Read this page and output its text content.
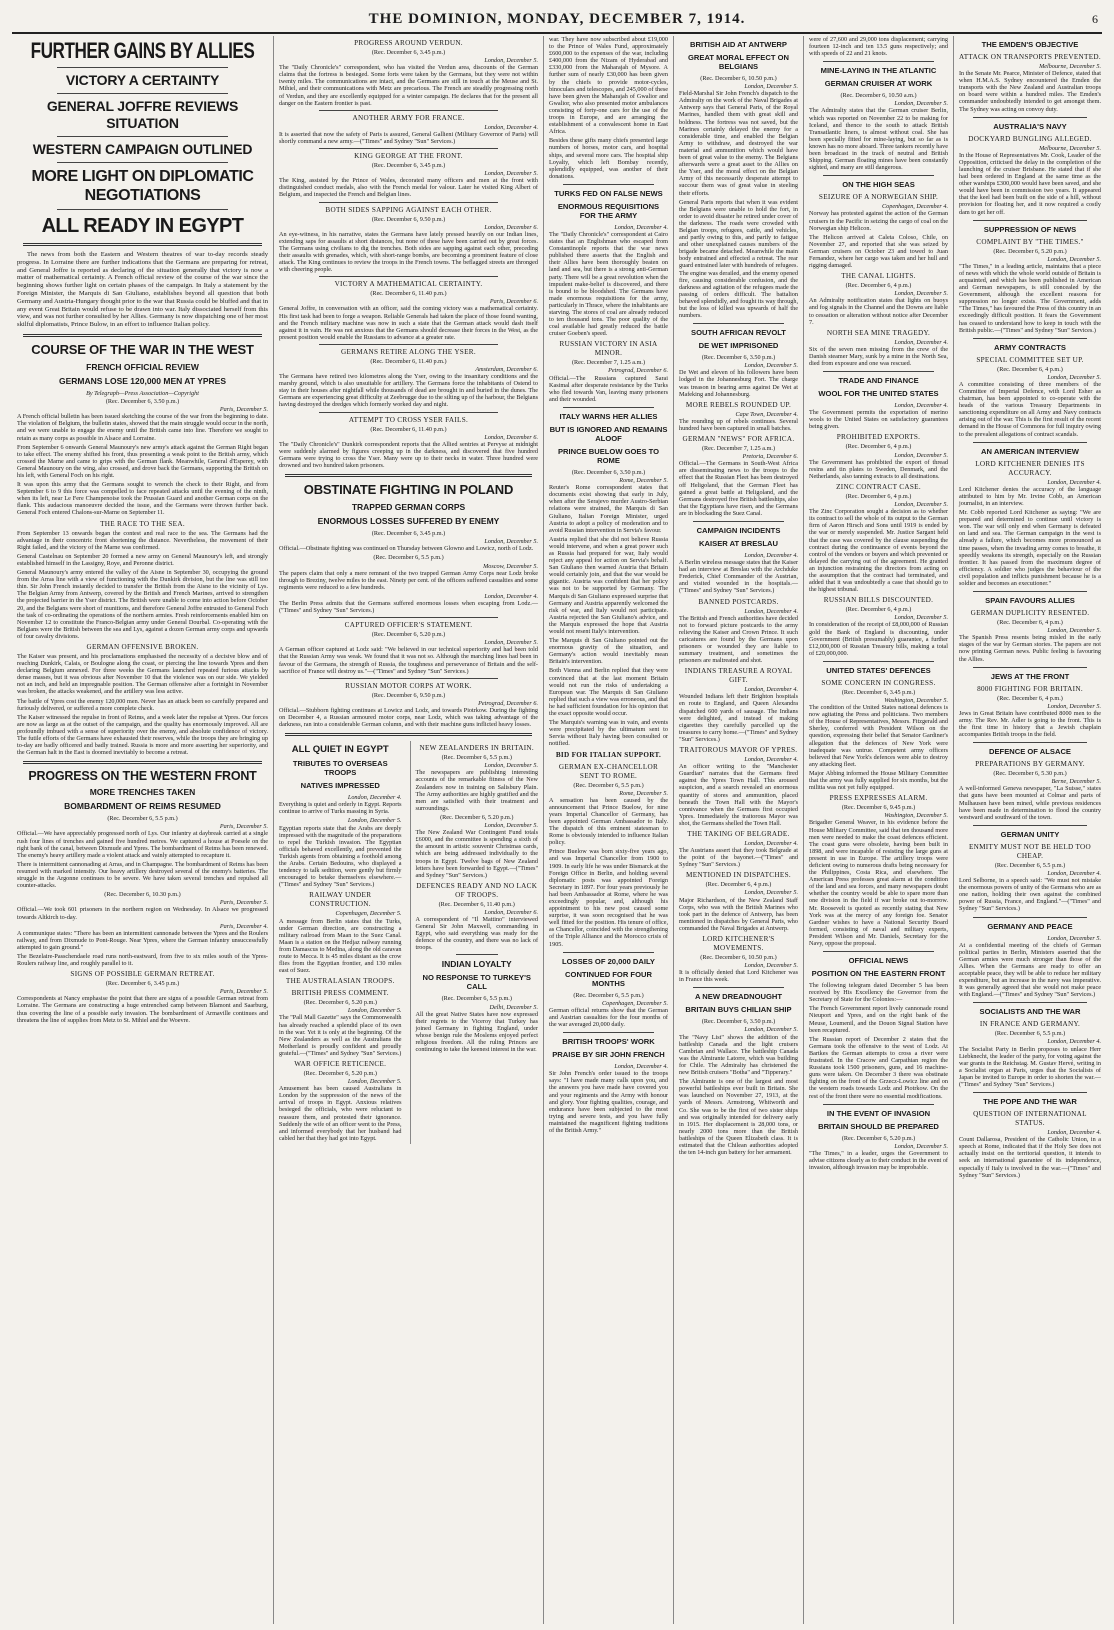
THE DOMINION, MONDAY, DECEMBER 7, 1914.	6
FURTHER GAINS BY ALLIES
VICTORY A CERTAINTY
GENERAL JOFFRE REVIEWS SITUATION
WESTERN CAMPAIGN OUTLINED
MORE LIGHT ON DIPLOMATIC NEGOTIATIONS
ALL READY IN EGYPT

The news from both the Eastern and Western theatres of war to-day records steady progress. In Lorraine there are further indications that the Germans are preparing for retreat, and General Joffre is reported as declaring of the situation generally that victory is now a matter of mathematical certainty. A French official review of the course of the war since the beginning shows further light on certain phases of the campaign. In Italy a statement by the Foreign Minister, the Marquis di San Giuliano, establishes beyond all question that both Germany and Austria-Hungary thought prior to the war that Russia could be bluffed and that in any event Great Britain would refuse to be drawn into war. Italy dissociated herself from this view, and was not further consulted by her Allies. Germany is now dispatching one of her most skilful diplomatists, Prince Bulow, in an effort to influence Italian policy.

COURSE OF THE WAR IN THE WEST
FRENCH OFFICIAL REVIEW
GERMANS LOSE 120,000 MEN AT YPRES

By Telegraph—Press Association—Copyright

(Rec. December 6, 3.50 p.m.)

Paris, December 5.

A French official bulletin has been issued sketching the course of the war from the beginning to date. The violation of Belgium, the bulletin states, showed that the main struggle would occur in the north, and we were unable to engage the enemy until the British came into line. Therefore we sought to retain as many corps as possible in Alsace and Lorraine.

From September 6 onwards General Maunoury's new army's attack against the German Right began to take effect. The enemy shifted his front, thus presenting a weak point to the British army, which crossed the Marne and came to grips with the German flank. Meanwhile, General d'Esperey, with General Maunoury on the wing, also crossed, and drove back the Germans, supporting the British on his left, with General Foch on his right.

It was upon this army that the Germans sought to wrench the check to their Right, and from September 6 to 9 this force was compelled to face repeated attacks until the evening of the ninth, when its left, near Le Fere Champenoise took the Prussian Guard and another German corps on the flank. This audacious manoeuvre decided the issue, and the Germans were thrown further back. General Foch entered Chalons-sur-Marne on September 11.

THE RACE TO THE SEA.

From September 13 onwards began the contest and real race to the sea. The Germans had the advantage in their concentric front shortening the distance. Nevertheless, the movement of their Right failed, and the victory of the Marne was confirmed.

General Castelnau on September 20 formed a new army on General Maunoury's left, and strongly established himself in the Lassigny, Roye, and Peronne district.

General Maunoury's army entered the valley of the Aisne in September 30, occupying the ground from the Arras line with a view of functioning with the Dunkirk division, but the line was still too thin. Sir John French instantly decided to transfer the British from the Aisne to the vicinity of Lys. The Belgian Army from Antwerp, covered by the British and French Marines, arrived to strengthen the projected barrier in the Yser district. The British were unable to come into action before October 20, and the Belgians were short of munitions, and therefore General Joffre entrusted to General Foch the task of co-ordinating the operations of the northern armies. Fresh reinforcements enabled him on November 12 to constitute the Franco-Belgian army under General Dourbal. Co-operating with the Belgians were the British between the sea and Lys, against a dozen German army corps and upwards of four cavalry divisions.

GERMAN OFFENSIVE BROKEN.

The Kaiser was present, and his proclamations emphasised the necessity of a decisive blow and of reaching Dunkirk, Calais, or Boulogne along the coast, or piercing the line towards Ypres and then declaring Belgium annexed. For three weeks the Germans launched repeated furious attacks by dense masses, but it was obvious after November 10 that the violence was on our side. We yielded not an inch, and held an impregnable position. The German offensive after a fortnight in November was broken, the attacks weakened, and the artillery was less active.

The battle of Ypres cost the enemy 120,000 men. Never has an attack been so carefully prepared and furiously delivered, or suffered a more complete check.

The Kaiser witnessed the repulse in front of Reims, and a week later the repulse at Ypres. Our forces are now as large as at the outset of the campaign, and the quality has enormously improved. All are profoundly imbued with a sense of superiority over the enemy, and absolute confidence of victory. The futile efforts of the Germans have exhausted their reserves, while the troops they are bringing up to-day are badly officered and badly trained. Russia is more and more asserting her superiority, and the German halt in the East is doomed inevitably to become a retreat.

PROGRESS ON THE WESTERN FRONT
MORE TRENCHES TAKEN
BOMBARDMENT OF REIMS RESUMED

(Rec. December 6, 5.5 p.m.)

Paris, December 5.

Official.—We have appreciably progressed north of Lys. Our infantry at daybreak carried at a single rush four lines of trenches and gained five hundred metres. We captured a house at Poesele on the right bank of the canal, between Dixmude and Ypres. The bombardment of Reims has been renewed. The enemy's heavy artillery made a violent attack and vainly attempted to recapture it.

There is intermittent cannonading at Arras, and in Champagne. The bombardment of Reims has been resumed with marked intensity. Our heavy artillery destroyed several of the enemy's batteries. The struggle in the Argonne continues to be severe. We have taken several trenches and repulsed all counter-attacks.

(Rec. December 6, 10.30 p.m.)

Paris, December 5.

Official.—We took 601 prisoners in the northern region on Wednesday. In Alsace we progressed towards Altkirch to-day.

Paris, December 4.

A communique states: "There has been an intermittent cannonade between the Ypres and the Roulers railway, and from Dixmude to Pont-Rouge. Near Ypres, where the German infantry unsuccessfully attempted to gain ground."

The Bezelaire-Passchendaele road runs north-eastward, from five to six miles south of the Ypres-Roulers railway line, and roughly parallel to it.

SIGNS OF POSSIBLE GERMAN RETREAT.

(Rec. December 6, 3.45 p.m.)

Paris, December 5.

Correspondents at Nancy emphasise the point that there are signs of a possible German retreat from Lorraine. The Germans are constructing a huge entrenched camp between Blamont and Saarburg, thus covering the line of a possible early invasion. The bombardment of Armaville continues and threatens the line of supplies from Metz to St. Mihiel and the Woevre.

PROGRESS AROUND VERDUN.

(Rec. December 6, 3.45 p.m.)

London, December 5.

The "Daily Chronicle's" correspondent, who has visited the Verdun area, discounts of the German claims that the fortress is besieged. Some forts were taken by the Germans, but they were not within twenty miles. The communications are intact, and the Germans are still in touch at the Meuse and St. Mihiel, and their communications with Metz are precarious. The French are steadily progressing north of Verdun, and they are excellently equipped for a winter campaign. He declares that for the present all danger on the Eastern frontier is past.

ANOTHER ARMY FOR FRANCE.

London, December 4.

It is asserted that now the safety of Paris is assured, General Gallieni (Military Governor of Paris) will shortly command a new army.—("Times" and Sydney "Sun" Services.)

KING GEORGE AT THE FRONT.

(Rec. December 6, 3.45 p.m.)

London, December 5.

The King, assisted by the Prince of Wales, decorated many officers and men at the front with distinguished conduct medals, also with the French medal for valour. Later he visited King Albert of Belgium, and inspected the French and Belgian lines.

BOTH SIDES SAPPING AGAINST EACH OTHER.

(Rec. December 6, 9.50 p.m.)

London, December 6.

An eye-witness, in his narrative, states the Germans have lately pressed heavily on our Indian lines, extending saps for assaults at short distances, but none of these have been carried out by great forces. The Germans using civilians to dig the trenches. Both sides are sapping against each other, preceding their assaults with grenades, which, with short-range bombs, are becoming a prominent feature of close attack. The King continues to review the troops in the French towns. The beflagged streets are thronged with cheering people.

VICTORY A MATHEMATICAL CERTAINTY.

(Rec. December 6, 11.40 p.m.)

Paris, December 6.

General Joffre, in conversation with an officer, said the coming victory was a mathematical certainty. His first task had been to forge a weapon. Reliable Generals had taken the place of those found wanting, and the French military machine was now in such a state that the German attack would dash itself against it in vain. He was not anxious that the Germans should decrease their forces in the West, as the present position would enable the Russians to advance at a greater rate.

GERMANS RETIRE ALONG THE YSER.

(Rec. December 6, 11.40 p.m.)

Amsterdam, December 6.

The Germans have retired two kilometres along the Yser, owing to the insanitary conditions and the marshy ground, which is also unsuitable for artillery. The Germans force the inhabitants of Ostend to stay in their houses after nightfall while thousands of dead are brought in and buried in the dunes. The Germans are experiencing great difficulty at Zeebrugge due to the silting up of the harbour, the Belgians having destroyed the dredges which formerly worked day and night.

ATTEMPT TO CROSS YSER FAILS.

(Rec. December 6, 11.40 p.m.)

London, December 6.

The "Daily Chronicle's" Dunkirk correspondent reports that the Allied sentries at Pervyse at midnight were suddenly alarmed by figures creeping up in the darkness, and discovered that five hundred Germans were trying to cross the Yser. Many were up to their necks in water. Three hundred were drowned and two hundred taken prisoners.

OBSTINATE FIGHTING IN POLAND
TRAPPED GERMAN CORPS
ENORMOUS LOSSES SUFFERED BY ENEMY

(Rec. December 6, 3.45 p.m.)

London, December 5.

Official.—Obstinate fighting was continued on Thursday between Glowno and Lowicz, north of Lodz.

(Rec. December 6, 5.5 p.m.)

Moscow, December 5.

The papers claim that only a mere remnant of the two trapped German Army Corps near Lodz broke through to Breziny, twelve miles to the east. Ninety per cent. of the officers suffered casualties and some regiments were reduced to a few hundreds.

London, December 4.

The Berlin Press admits that the Germans suffered enormous losses when escaping from Lodz.—("Times" and Sydney "Sun" Services.)

CAPTURED OFFICER'S STATEMENT.

(Rec. December 6, 5.20 p.m.)

London, December 5.

A German officer captured at Lodz said: "We believed in our technical superiority and had been told that the Russian Army was weak. We found that it was not so. Although the marching lines had been in favour of the Germans, the strength of Russia, the toughness and perseverance of Britain and the self-sacrifice of France will destroy us."—("Times" and Sydney "Sun" Services.)

RUSSIAN MOTOR CORPS AT WORK.

(Rec. December 6, 9.50 p.m.)

Petrograd, December 6.

Official.—Stubborn fighting continues at Lowicz and Lodz, and towards Piotrkow. During the fighting on December 4, a Russian armoured motor corps, near Lodz, which was taking advantage of the darkness, ran into a considerable German column, and with their machine guns inflicted heavy losses.

ALL QUIET IN EGYPT
TRIBUTES TO OVERSEAS TROOPS
NATIVES IMPRESSED

London, December 4.

Everything is quiet and orderly in Egypt. Reports continue to arrive of Turks massing in Syria.

London, December 5.

Egyptian reports state that the Arabs are deeply impressed with the magnitude of the preparations to repel the Turkish invasion. The Egyptian officials behaved excellently, and prevented the Turkish agents from obtaining a foothold among the Arabs. Certain Bedouins, who displayed a tendency to talk sedition, were gently but firmly encouraged to betake themselves elsewhere.—("Times" and Sydney "Sun" Services.)

RAILWAY UNDER CONSTRUCTION.

Copenhagen, December 5.

A message from Berlin states that the Turks, under German direction, are constructing a military railroad from Maan to the Suez Canal. Maan is a station on the Hedjaz railway running from Damascus to Medina, along the old caravan route to Mecca. It is 45 miles distant as the crow flies from the Egyptian frontier, and 130 miles east of Suez.

THE AUSTRALASIAN TROOPS.
BRITISH PRESS COMMENT.

(Rec. December 6, 5.20 p.m.)

London, December 5.

The "Pall Mall Gazette" says the Commonwealth has already reached a splendid place of its own in the war. Yet it is only at the beginning. Of the New Zealanders as well as the Australians the Motherland is proudly confident and proudly grateful.—("Times" and Sydney "Sun" Services.)

WAR OFFICE RETICENCE.

(Rec. December 6, 5.20 p.m.)

London, December 5.

Amusement has been caused Australians in London by the suppression of the news of the arrival of troops in Egypt. Anxious relatives besieged the officials, who were reluctant to reassure them, and protested their ignorance. Suddenly the wife of an officer went to the Press, and informed everybody that her husband had cabled her that they had got into Egypt.

NEW ZEALANDERS IN BRITAIN.

(Rec. December 6, 5.5 p.m.)

London, December 5.

The newspapers are publishing interesting accounts of the remarkable fitness of the New Zealanders now in training on Salisbury Plain. The Army authorities are highly gratified and the men are satisfied with their treatment and surroundings.

(Rec. December 6, 5.20 p.m.)

London, December 5.

The New Zealand War Contingent Fund totals £6000, and the committee is spending a sixth of the amount in artistic souvenir Christmas cards, which are being addressed individually to the troops in Egypt. Twelve bags of New Zealand letters have been forwarded to Egypt.—("Times" and Sydney "Sun" Services.)

DEFENCES READY AND NO LACK OF TROOPS.

(Rec. December 6, 11.40 p.m.)

London, December 6.

A correspondent of "Il Mattino" interviewed General Sir John Maxwell, commanding in Egypt, who said everything was ready for the defence of the country, and there was no lack of troops.

INDIAN LOYALTY
NO RESPONSE TO TURKEY'S CALL

(Rec. December 6, 5.5 p.m.)

Delhi, December 5.

All the great Native States have now expressed their regrets to the Viceroy that Turkey has joined Germany in fighting England, under whose benign rule the Moslems enjoyed perfect religious freedom. All the ruling Princes are continuing to take the keenest interest in the war.

war. They have now subscribed about £19,000 to the Prince of Wales Fund, approximately £600,000 to the expenses of the war, including £400,000 from the Nizam of Hyderabad and £330,000 from the Maharajah of Mysore. A further sum of nearly £30,000 has been given by the chiefs to provide motor-cycles, binoculars and telescopes, and 245,000 of these have been given the Maharajah of Gwalior and Gwalior, who also presented motor ambulances consisting of forty-one cars for the use of the troops in Europe, and are arranging the establishment of a convalescent home in East Africa.

Besides these gifts many chiefs presented large numbers of horses, motor cars, and hospital ships, and several more cars. The hospital ship Loyalty, which left Bombay recently, splendidly equipped, was another of their donations.

TURKS FED ON FALSE NEWS
ENORMOUS REQUISITIONS FOR THE ARMY

London, December 4.

The "Daily Chronicle's" correspondent at Cairo states that an Englishman who escaped from Constantinople reports that the war news published there asserts that the English and their Allies have been thoroughly beaten on land and sea, but there is a strong anti-German party. There will be a great revolution when the impudent make-belief is discovered, and there is bound to be bloodshed. The Germans have made enormous requisitions for the army, particularly in Thrace, where the inhabitants are starving. The stores of coal are already reduced to ten thousand tons. The poor quality of the coal available had greatly reduced the battle cruiser Goeben's speed.

RUSSIAN VICTORY IN ASIA MINOR.

(Rec. December 7, 1.25 a.m.)

Petrograd, December 6.

Official.—The Russians captured Sarai Kasimal after desperate resistance by the Turks who fled towards Van, leaving many prisoners and their wounded.

ITALY WARNS HER ALLIES
BUT IS IGNORED AND REMAINS ALOOF
PRINCE BUELOW GOES TO ROME

(Rec. December 6, 3.50 p.m.)

Rome, December 5.

Reuter's Rome correspondent states that documents exist showing that early in July, when after the Serajevo murder Austro-Serbian relations were strained, the Marquis di San Giuliano, Italian Foreign Minister, urged Austria to adopt a policy of moderation and to avoid Russian intervention in Servia's favour.

Austria replied that she did not believe Russia would intervene, and when a great power such as Russia had prepared for war, Italy would reject any appeal for action on Servia's behalf. San Giuliano then warned Austria that Britain would certainly join, and that the war would be gigantic. Austria was confident that her policy was not to be supported by Germany. The Marquis di San Giuliano expressed surprise that Germany and Austria apparently welcomed the risk of war, and Italy would not participate. Austria rejected the San Giuliano's advice, and the Marquis expressed the hope that Austria would not resent Italy's intervention.

The Marquis di San Giuliano pointed out the enormous gravity of the situation, and Germany's action would inevitably mean Britain's intervention.

Both Vienna and Berlin replied that they were convinced that at the last moment Britain would not run the risks of undertaking a European war. The Marquis di San Giuliano replied that such a view was erroneous, and that he had sufficient foundation for his opinion that the exact opposite would occur.

The Marquis's warning was in vain, and events were precipitated by the ultimatum sent to Servia without Italy having been consulted or notified.

BID FOR ITALIAN SUPPORT.
GERMAN EX-CHANCELLOR SENT TO ROME.

(Rec. December 6, 5.5 p.m.)

Rome, December 5.

A sensation has been caused by the announcement that Prince Buelow, for nine years Imperial Chancellor of Germany, has been appointed German Ambassador to Italy. The dispatch of this eminent statesman to Rome is obviously intended to influence Italian policy.

Prince Buelow was born sixty-five years ago, and was Imperial Chancellor from 1900 to 1909. In early life he was under Bismarck at the Foreign Office in Berlin, and holding several diplomatic posts was appointed Foreign Secretary in 1897. For four years previously he had been Ambassador at Rome, where he was exceedingly popular, and, although his appointment to his new post caused some surprise, it was soon recognised that he was well fitted for the position. His tenure of office, as Chancellor, coincided with the strengthening of the Triple Alliance and the Morocco crisis of 1905.

LOSSES OF 20,000 DAILY
CONTINUED FOR FOUR MONTHS

(Rec. December 6, 5.5 p.m.)

Copenhagen, December 5.

German official returns show that the German and Austrian casualties for the four months of the war averaged 20,000 daily.

BRITISH TROOPS' WORK
PRAISE BY SIR JOHN FRENCH

London, December 4.

Sir John French's order issued to the troops says: "I have made many calls upon you, and the answers you have made have covered you and your regiments and the Army with honour and glory. Your fighting qualities, courage, and endurance have been subjected to the most trying and severe tests, and you have fully maintained the magnificent fighting traditions of the British Army."

BRITISH AID AT ANTWERP
GREAT MORAL EFFECT ON BELGIANS

(Rec. December 6, 10.50 p.m.)

London, December 5.

Field-Marshal Sir John French's dispatch to the Admiralty on the work of the Naval Brigades at Antwerp says that General Paris, of the Royal Marines, handled them with great skill and boldness. The fortress was not saved, but the Marines certainly delayed the enemy for a considerable time, and enabled the Belgian Army to withdraw, and destroyed the war material and ammunition which would have been of great value to the enemy. The Belgians afterwards were a great asset to the Allies on the Yser, and the moral effect on the Belgian Army of this necessarily desperate attempt to succour them was of great value in steeling their efforts.

General Paris reports that when it was evident the Belgians were unable to hold the fort, in order to avoid disaster he retired under cover of the darkness. The roads were crowded with Belgian troops, refugees, cattle, and vehicles, and partly owing to this, and partly to fatigue and other unexplained causes numbers of the brigade became detached. Meanwhile the main body entrained and effected a retreat. The rear guard entrained later with hundreds of refugees. The engine was derailed, and the enemy opened fire, causing considerable confusion, and the darkness and agitation of the refugees made the passing of orders difficult. The battalion behaved splendidly, and fought its way through, but the loss of killed was upwards of half the numbers.

SOUTH AFRICAN REVOLT
DE WET IMPRISONED

(Rec. December 6, 3.50 p.m.)

London, December 5.

De Wet and eleven of his followers have been lodged in the Johannesburg Fort. The charge was treason in bearing arms against De Wet at Mafeking and Johannesburg.

MORE REBELS ROUNDED UP.

Cape Town, December 4.

The rounding up of rebels continues. Several hundred have been captured in small batches.

GERMAN "NEWS" FOR AFRICA.

(Rec. December 7, 1.25 a.m.)

Pretoria, December 6.

Official.—The Germans in South-West Africa are disseminating news to the troops to the effect that the Russian Fleet has been destroyed off Heligoland, that the German Fleet has gained a great battle at Heligoland, and the Germans destroyed five British battleships, also that the Egyptians have risen, and the Germans are in blockading the Suez Canal.

CAMPAIGN INCIDENTS
KAISER AT BRESLAU

London, December 4.

A Berlin wireless message states that the Kaiser had an interview at Breslau with the Archduke Frederick, Chief Commander of the Austrian, and visited wounded in the hospitals.—("Times" and Sydney "Sun" Services.)

BANNED POSTCARDS.

London, December 4.

The British and French authorities have decided not to forward picture postcards to the army relieving the Kaiser and Crown Prince. It such caricatures are found by the Germans upon prisoners or wounded they are liable to summary treatment, and sometimes the prisoners are maltreated and shot.

INDIANS TREASURE A ROYAL GIFT.

London, December 4.

Wounded Indians left their Brighton hospitals en route to England, and Queen Alexandra dispatched 600 yards of sausage. The Indians were delighted, and instead of making cigarettes they carefully parcelled up the treasures to carry home.—("Times" and Sydney "Sun" Services.)

TRAITOROUS MAYOR OF YPRES.

London, December 4.

An officer writing to the "Manchester Guardian" narrates that the Germans fired against the Ypres Town Hall. This aroused suspicion, and a search revealed an enormous quantity of stores and ammunition, placed beneath the Town Hall with the Mayor's connivance when the Germans first occupied Ypres. Immediately the traitorous Mayor was shot, the Germans shelled the Town Hall.

THE TAKING OF BELGRADE.

London, December 4.

The Austrians assert that they took Belgrade at the point of the bayonet.—("Times" and Sydney "Sun" Services.)

MENTIONED IN DISPATCHES.

(Rec. December 6, 4 p.m.)

London, December 5.

Major Richardson, of the New Zealand Staff Corps, who was with the British Marines who took part in the defence of Antwerp, has been mentioned in dispatches by General Paris, who commanded the Naval Brigades at Antwerp.

LORD KITCHENER'S MOVEMENTS.

(Rec. December 6, 10.50 p.m.)

London, December 5.

It is officially denied that Lord Kitchener was in France this week.

A NEW DREADNOUGHT
BRITAIN BUYS CHILIAN SHIP

(Rec. December 6, 3.50 p.m.)

London, December 5.

The "Navy List" shows the addition of the battleship Canada and the light cruisers Cambrian and Wallace. The battleship Canada was the Almirante Latorre, which was building for Chile. The Admiralty has christened the new British cruisers "Botha" and "Tipperary."

The Almirante is one of the largest and most powerful battleships ever built in Britain. She was launched on November 27, 1913, at the yards of Messrs. Armstrong, Whitworth and Co. She was to be the first of two sister ships and was originally intended for delivery early in 1915. Her displacement is 28,000 tons, or nearly 2000 tons more than the British battleships of the Queen Elizabeth class. It is estimated that the Chilean authorities adopted the ten 14-inch gun battery for her armament.

were of 27,600 and 29,000 tons displacement; carrying fourteen 12-inch and ten 13.5 guns respectively; and with speeds of 22 and 21 knots.

MINE-LAYING IN THE ATLANTIC
GERMAN CRUISER AT WORK

(Rec. December 6, 10.50 a.m.)

London, December 5.

The Admiralty states that the German cruiser Berlin, which was reported on November 22 to be making for Iceland, and thence to the south to attack British Transatlantic liners, is almost without coal. She has been specially fitted for mine-laying, but so far as is known has no more aboard. Three tankers recently have been broadcast in the track of neutral and British Shipping. German floating mines have been constantly sighted, and many are still dangerous.

ON THE HIGH SEAS
SEIZURE OF A NORWEGIAN SHIP.

Copenhagen, December 4.

Norway has protested against the action of the German cruisers in the Pacific in seizing the cargo of coal on the Norwegian ship Helicon.

The Helicon arrived at Caleta Coloso, Chile, on November 27, and reported that she was seized by German cruisers on October 23 and towed to Juan Fernandez, where her cargo was taken and her hull and rigging damaged.

THE CANAL LIGHTS.

(Rec. December 6, 4 p.m.)

London, December 5.

An Admiralty notification states that lights on buoys and fog signals in the Channel and the Downs are liable to cessation or alteration without notice after December 7.

NORTH SEA MINE TRAGEDY.

London, December 4.

Six of the seven men missing from the crew of the Danish steamer Mary, sunk by a mine in the North Sea, died from exposure and one was rescued.

TRADE AND FINANCE
WOOL FOR THE UNITED STATES

London, December 4.

The Government permits the exportation of merino wools to the United States on satisfactory guarantees being given.

PROHIBITED EXPORTS.

(Rec. December 6, 4 p.m.)

London, December 5.

The Government has prohibited the export of thread resins and tin plates to Sweden, Denmark, and the Netherlands, also tanning extracts to all destinations.

ZINC CONTRACT CASE.

(Rec. December 6, 4 p.m.)

London, December 5.

The Zinc Corporation sought a decision as to whether its contract to sell the whole of its output to the German firm of Aaron Hirsch and Sons until 1919 is ended by the war or merely suspended. Mr. Justice Sargant held that the case was covered by the clause suspending the contract during the continuance of events beyond the control of the vendors or buyers and which prevented or delayed the carrying out of the agreement. He granted an injunction restraining the directors from acting on the assumption that the contract had terminated, and added that it was undoubtedly a case that should go to the highest tribunal.

RUSSIAN BILLS DISCOUNTED.

(Rec. December 6, 4 p.m.)

London, December 5.

In consideration of the receipt of £8,000,000 of Russian gold the Bank of England is discounting, under Government (British presumably) guarantee, a further £12,000,000 of Russian Treasury bills, making a total of £20,000,000.

UNITED STATES' DEFENCES
SOME CONCERN IN CONGRESS.

(Rec. December 6, 3.45 p.m.)

Washington, December 5.

The condition of the United States national defences is now agitating the Press and politicians. Two members of the House of Representatives, Messrs. Fitzgerald and Sherley, conferred with President Wilson on the question, expressing their belief that Senator Gardiner's allegation that the defences of New York were inadequate was untrue. Competent army officers believed that New York's defences were able to destroy any attacking fleet.

Major Abbing informed the House Military Committee that the army was fully supplied for six months, but the militia was not yet fully equipped.

PRESS EXPRESSES ALARM.

(Rec. December 6, 9.45 p.m.)

Washington, December 5.

Brigadier General Weaver, in his evidence before the House Military Committee, said that ten thousand more men were needed to make the coast defences efficient. The coast guns were obsolete, having been built in 1898, and were incapable of resisting the large guns at present in use in Europe. The artillery troops were deficient owing to numerous drafts being necessary for the Philippines, Costa Rica, and elsewhere. The American Press professes great alarm at the condition of the land and sea forces, and many newspapers doubt whether the country would be able to spare more than one division in the field if war broke out to-morrow. Mr. Roosevelt is quoted as recently stating that New York was at the mercy of any foreign foe. Senator Gardner wishes to have a National Security Board formed, consisting of naval and military experts, President Wilson and Mr. Daniels, Secretary for the Navy, oppose the proposal.

OFFICIAL NEWS
POSITION ON THE EASTERN FRONT

The following telegram dated December 5 has been received by His Excellency the Governor from the Secretary of State for the Colonies:—

The French Government report lively cannonade round Nieuport and Ypres, and on the right bank of the Meuse, Loumenil, and the Douon Signal Station have been recaptured.

The Russian report of December 2 states that the Germans took the offensive to the west of Lodz. At Bartkes the German attempts to cross a river were frustrated. In the Cracow and Carpathian region the Russians took 1500 prisoners, guns, and 16 machine-guns were taken. On December 3 there was obstinate fighting on the front of the Grzecz-Lowicz line and on the western roads towards Lodz and Piotrkow. On the rest of the front there were no essential modifications.

IN THE EVENT OF INVASION
BRITAIN SHOULD BE PREPARED

(Rec. December 6, 5.20 p.m.)

London, December 5.

"The Times," in a leader, urges the Government to advise citizens clearly as to their conduct in the event of invasion, although invasion may be improbable.

THE EMDEN'S OBJECTIVE
ATTACK ON TRANSPORTS PREVENTED.

Melbourne, December 5.

In the Senate Mr. Pearce, Minister of Defence, stated that when H.M.A.S. Sydney encountered the Emden the transports with the New Zealand and Australian troops on board were within a hundred miles. The Emden's commander undoubtedly intended to get amongst them. The Sydney was acting on convoy duty.

AUSTRALIA'S NAVY
DOCKYARD BUNGLING ALLEGED.

Melbourne, December 5.

In the House of Representatives Mr. Cook, Leader of the Opposition, criticised the delay in the completion of the launching of the cruiser Brisbane. He stated that if she had been ordered in England at the same time as the other warships £300,000 would have been saved, and she would have been in commission two years. It appeared that the keel had been built on the side of a hill, without provision for floating her, and it now required a costly dam to get her off.

SUPPRESSION OF NEWS
COMPLAINT BY "THE TIMES."

(Rec. December 6, 5.20 p.m.)

London, December 5.

"The Times," in a leading article, maintains that a piece of news with which the whole world outside of Britain is acquainted, and which has been published in American and German newspapers, is still concealed by the Government, although the excellent reasons for suppression no longer exists. The Government, adds "The Times," has favoured the Press of this country in an exceedingly difficult position. It fears the Government has ceased to understand how to keep in touch with the British public.—("Times" and Sydney "Sun" Services.)

ARMY CONTRACTS
SPECIAL COMMITTEE SET UP.

(Rec. December 6, 4 p.m.)

London, December 5.

A committee consisting of three members of the Committee of Imperial Defence, with Lord Esher as chairman, has been appointed to co-operate with the heads of the various Treasury Departments in sanctioning expenditure on all Army and Navy contracts arising out of the war. This is the first result of the recent demand in the House of Commons for full inquiry owing to the prevalent allegations of contract scandals.

AN AMERICAN INTERVIEW
LORD KITCHENER DENIES ITS ACCURACY.

London, December 4.

Lord Kitchener denies the accuracy of the language attributed to him by Mr. Irvine Cobb, an American journalist, in an interview.

Mr. Cobb reported Lord Kitchener as saying: "We are prepared and determined to continue until victory is won. The war will only end when Germany is defeated on land and sea. The German campaign in the west is already a failure, which becomes more pronounced as time passes, when the invading army comes to breathe, it speedily weakens its strength, especially on the Russian frontier. It has passed from the maximum degree of efficiency. A soldier who judges the behaviour of the civil population and inflicts punishment because he is a soldier and becomes an executioner."

SPAIN FAVOURS ALLIES
GERMAN DUPLICITY RESENTED.

(Rec. December 6, 4 p.m.)

London, December 5.

The Spanish Press resents being misled in the early stages of the war by German stories. The papers are not now printing German news. Public feeling is favouring the Allies.

JEWS AT THE FRONT
8000 FIGHTING FOR BRITAIN.

(Rec. December 6, 4 p.m.)

London, December 5.

Jews in Great Britain have contributed 8000 men to the army. The Rev. Mr. Adler is going to the front. This is the first time in history that a Jewish chaplain accompanies British troops in the field.

DEFENCE OF ALSACE
PREPARATIONS BY GERMANY.

(Rec. December 6, 5.30 p.m.)

Berne, December 5.

A well-informed Geneva newspaper, "La Suisse," states that guns have been mounted at Colmar and parts of Mulhausen have been mined, while previous residences have been made in determination to flood the country westward and southward of the town.

GERMAN UNITY
ENMITY MUST NOT BE HELD TOO CHEAP.

(Rec. December 6, 5.5 p.m.)

London, December 4.

Lord Selborne, in a speech said: "We must not mistake the enormous powers of unity of the Germans who are as one nation, holding their own against the combined power of Russia, France, and England."—("Times" and Sydney "Sun" Services.)

GERMANY AND PEACE

London, December 5.

At a confidential meeting of the chiefs of German political parties in Berlin, Ministers asserted that the German armies were much stronger than those of the Allies. When the Germans are ready to offer an acceptable peace, they will be able to reduce her military expenditure, but an increase in the navy was imperative. It was generally agreed that she would not make peace with England.—("Times" and Sydney "Sun" Services.)

SOCIALISTS AND THE WAR
IN FRANCE AND GERMANY.

(Rec. December 6, 5.5 p.m.)

London, December 4.

The Socialist Party in Berlin proposes to unlace Herr Liebknecht, the leader of the party, for voting against the war grants in the Reichstag. M. Gustav Hervé, writing in a Socialist organ at Paris, urges that the Socialists of Japan be invited to Europe in order to shorten the war.—("Times" and Sydney "Sun" Services.)

THE POPE AND THE WAR
QUESTION OF INTERNATIONAL STATUS.

London, December 4.

Count Dallarosa, President of the Catholic Union, in a speech at Rome, indicated that if the Holy See does not actually insist on the territorial question, it intends to seek an international guarantee of its independence, especially if Italy is involved in the war.—("Times" and Sydney "Sun" Services.)
